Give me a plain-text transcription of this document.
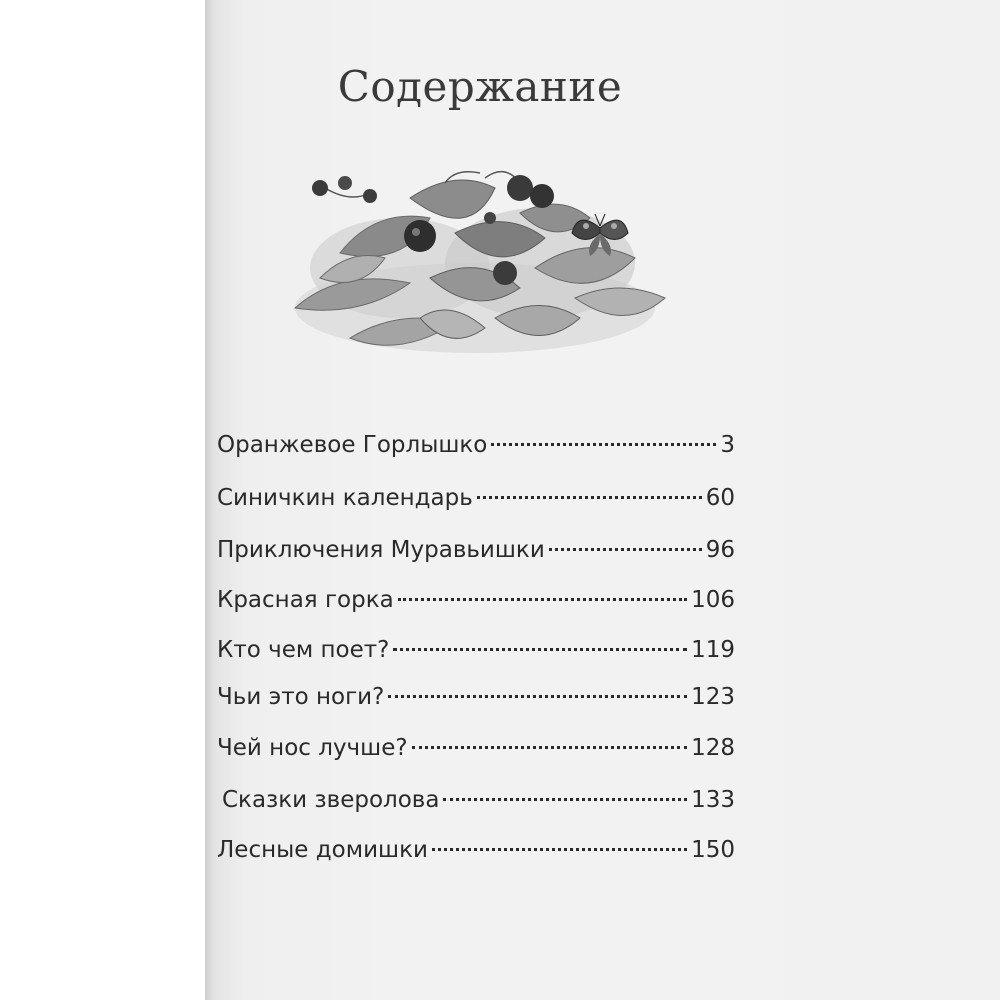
Содержание
Оранжевое Горлышко	3
Синичкин календарь	60
Приключения Муравьишки	96
Красная горка	106
Кто чем поет?	119
Чьи это ноги?	123
Чей нос лучше?	128
Сказки звероловa	133
Лесные домишки	150
